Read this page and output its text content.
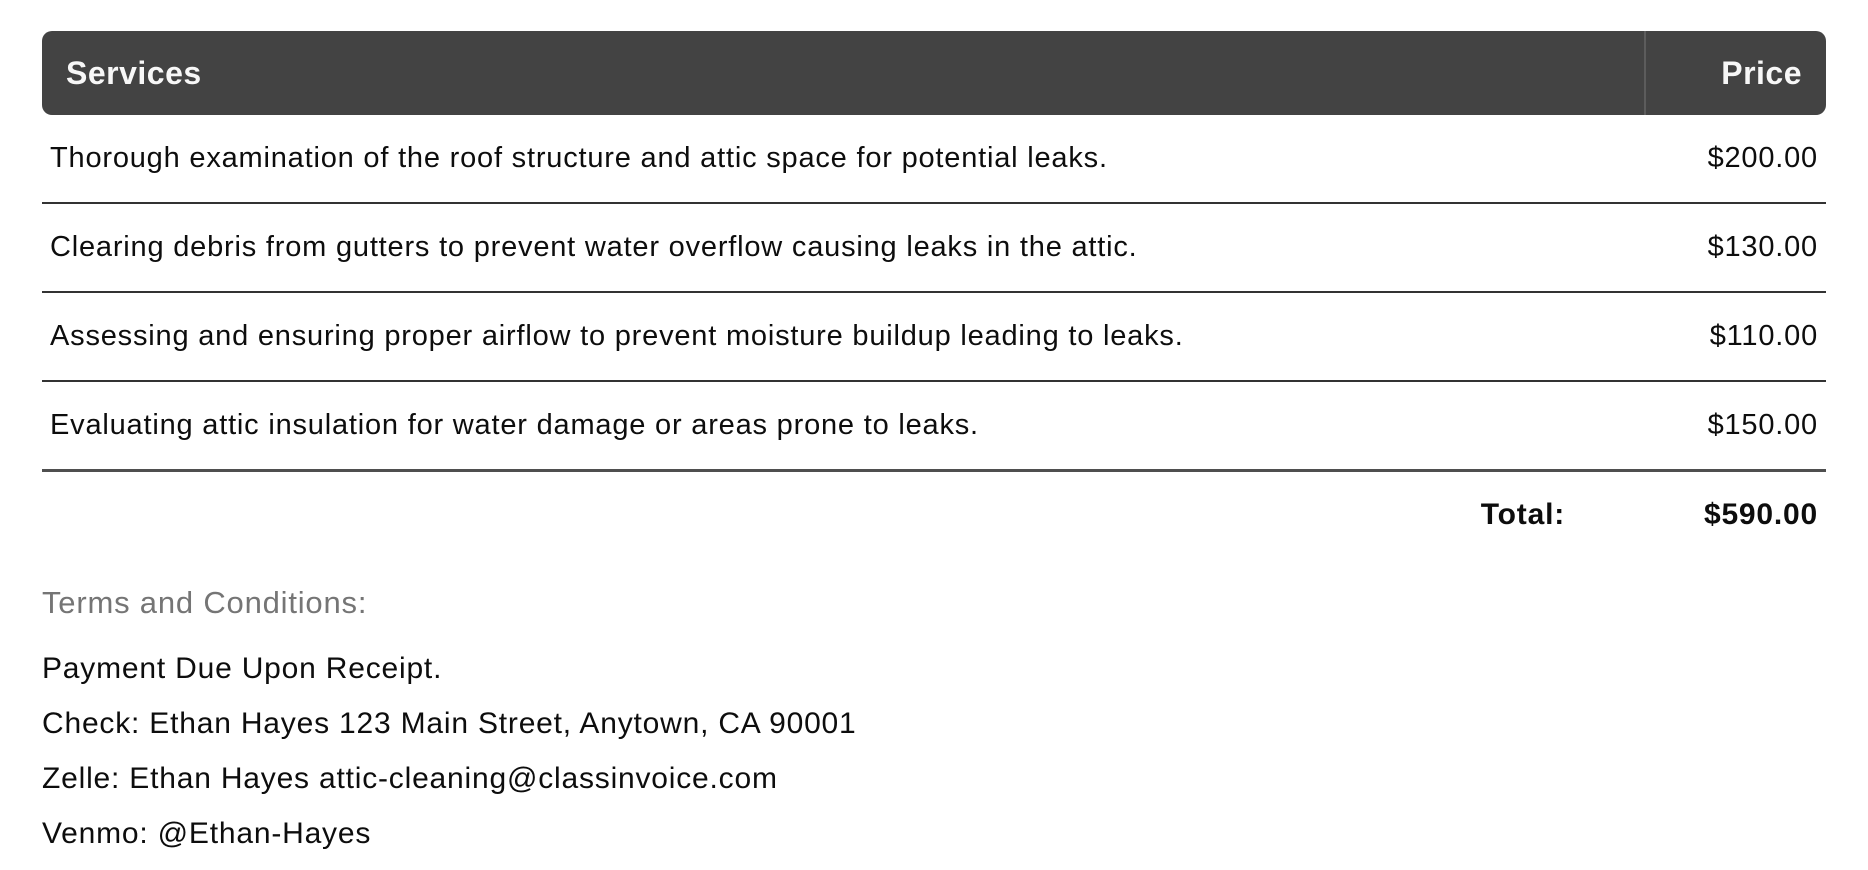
Services	Price
Thorough examination of the roof structure and attic space for potential leaks.	$200.00
Clearing debris from gutters to prevent water overflow causing leaks in the attic.	$130.00
Assessing and ensuring proper airflow to prevent moisture buildup leading to leaks.	$110.00
Evaluating attic insulation for water damage or areas prone to leaks.	$150.00
Total:	$590.00
Terms and Conditions:

Payment Due Upon Receipt.

Check: Ethan Hayes 123 Main Street, Anytown, CA 90001

Zelle: Ethan Hayes attic-cleaning@classinvoice.com

Venmo: @Ethan-Hayes
